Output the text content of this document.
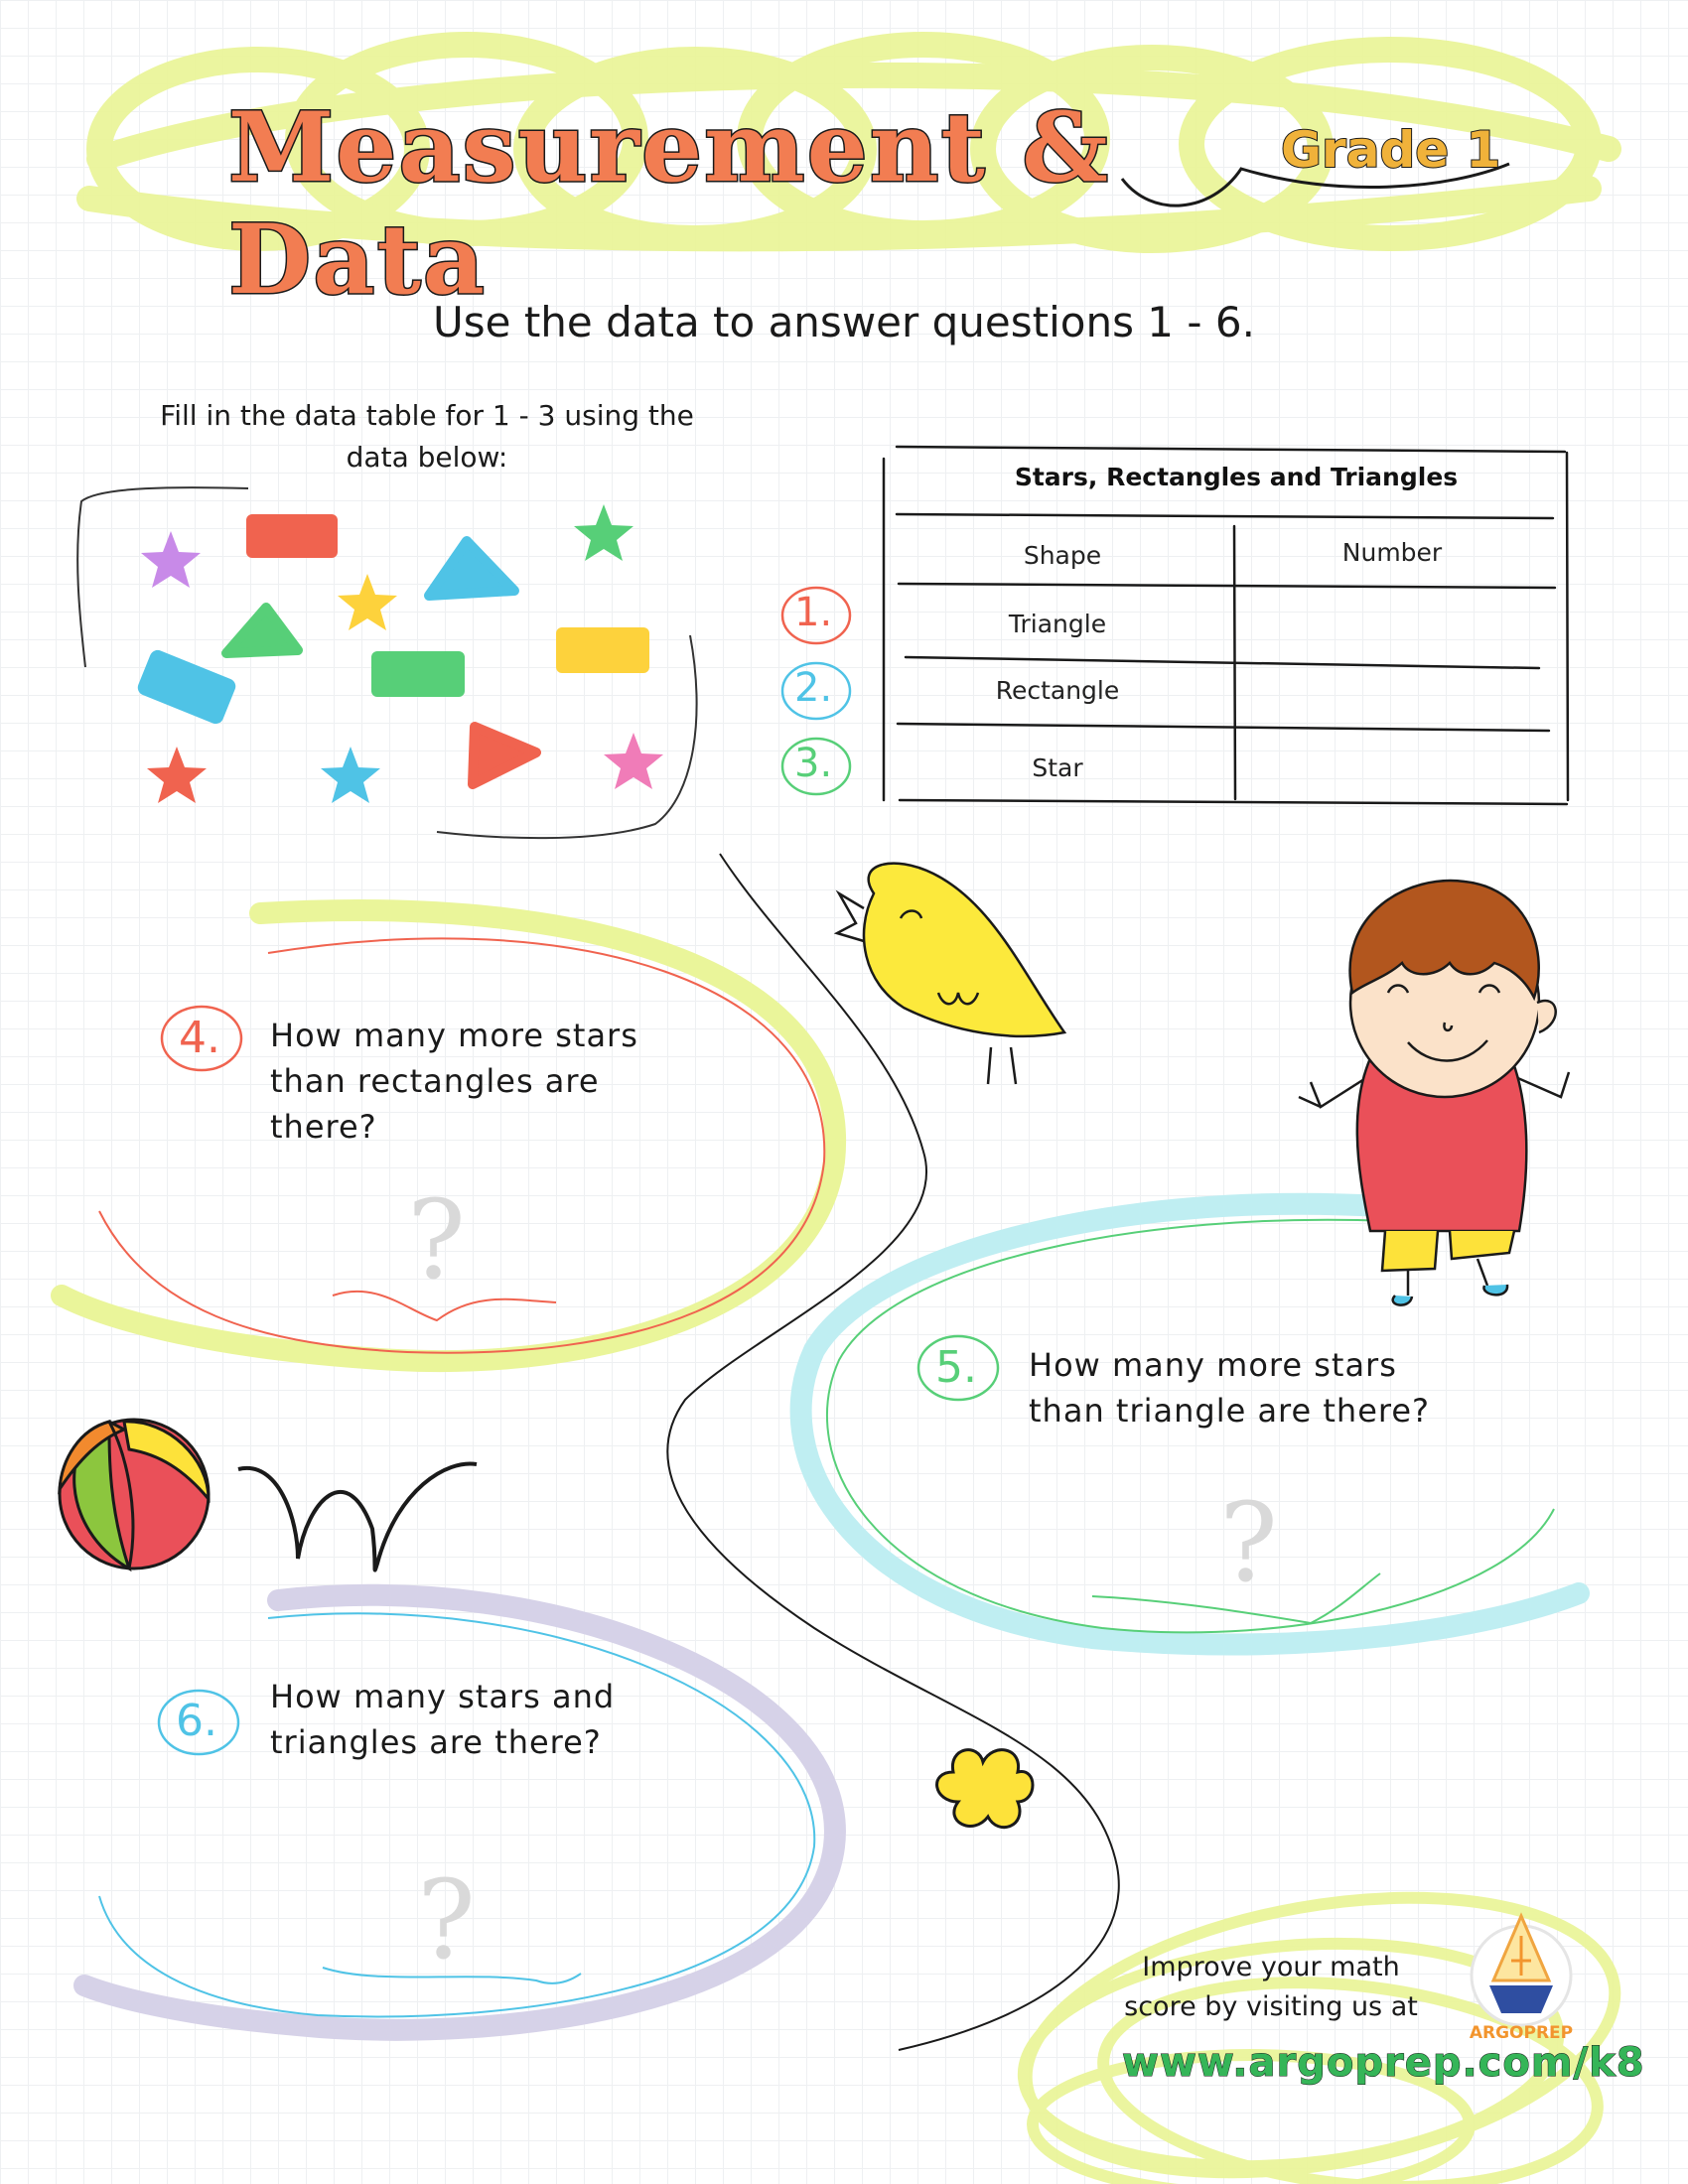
Measurement & Data
Grade 1
Use the data to answer questions 1 - 6.
Fill in the data table for 1 - 3 using the data below:
Stars, Rectangles and Triangles
Shape	Number
Triangle
Rectangle
Star
1.
2.
3.
4. How many more stars than rectangles are there?
?
5. How many more stars than triangle are there?
?
6. How many stars and triangles are there?
?	Improve your math score by visiting us at
www.argoprep.com/k8
ARGOPREP
